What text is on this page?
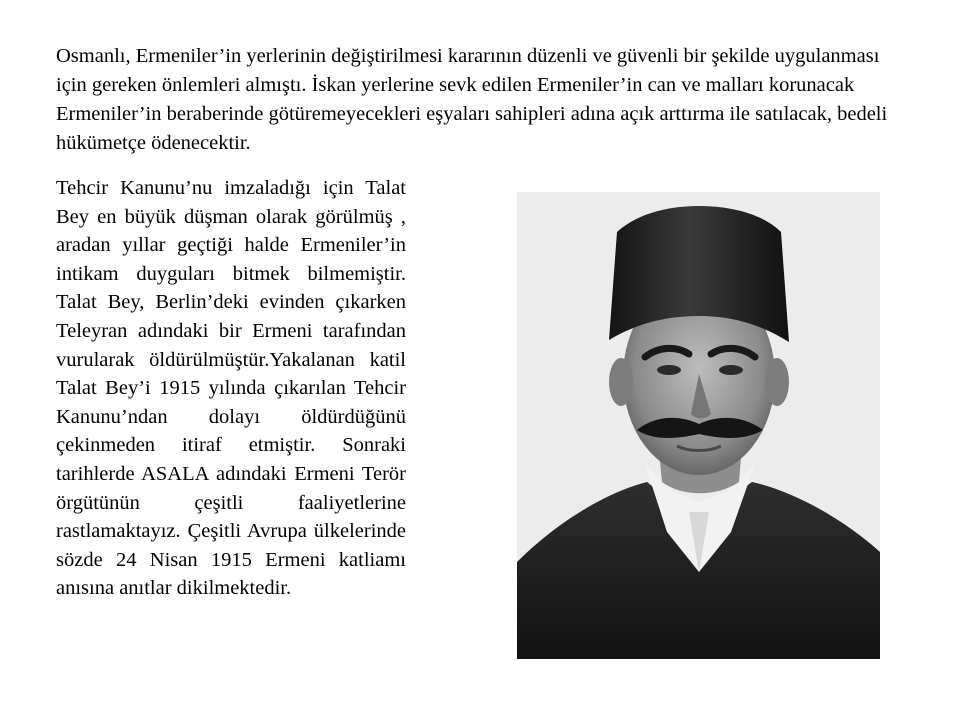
Osmanlı, Ermeniler’in yerlerinin değiştirilmesi kararının düzenli ve güvenli bir şekilde uygulanması için gereken önlemleri almıştı. İskan yerlerine sevk edilen Ermeniler’in can ve malları korunacak Ermeniler’in beraberinde götüremeyecekleri eşyaları sahipleri adına açık arttırma ile satılacak, bedeli hükümetçe ödenecektir.

Tehcir Kanunu’nu imzaladığı için Talat Bey en büyük düşman olarak görülmüş , aradan yıllar geçtiği halde Ermeniler’in intikam duyguları bitmek bilmemiştir. Talat Bey, Berlin’deki evinden çıkarken Teleyran adındaki bir Ermeni tarafından vurularak öldürülmüştür.Yakalanan katil Talat Bey’i 1915 yılında çıkarılan Tehcir Kanunu’ndan dolayı öldürdüğünü çekinmeden itiraf etmiştir. Sonraki tarihlerde ASALA adındaki Ermeni Terör örgütünün çeşitli faaliyetlerine rastlamaktayız. Çeşitli Avrupa ülkelerinde sözde 24 Nisan 1915 Ermeni katliamı anısına anıtlar dikilmektedir.
